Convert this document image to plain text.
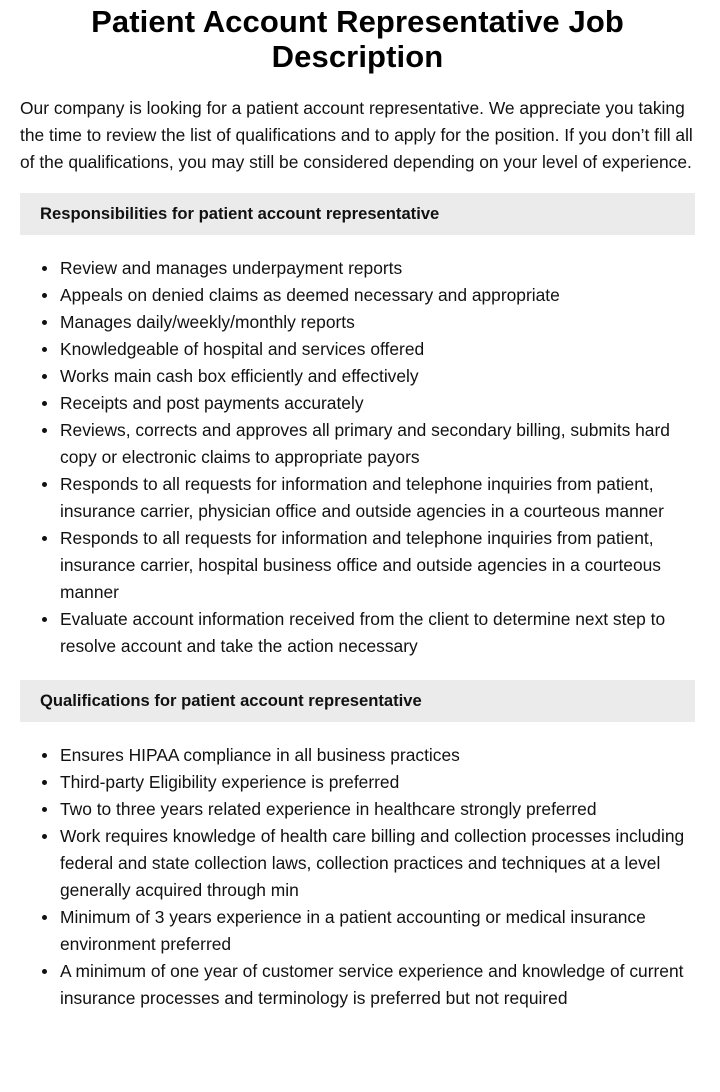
Patient Account Representative Job Description

Our company is looking for a patient account representative. We appreciate you taking the time to review the list of qualifications and to apply for the position. If you don’t fill all of the qualifications, you may still be considered depending on your level of experience.

Responsibilities for patient account representative
Review and manages underpayment reports
Appeals on denied claims as deemed necessary and appropriate
Manages daily/weekly/monthly reports
Knowledgeable of hospital and services offered
Works main cash box efficiently and effectively
Receipts and post payments accurately
Reviews, corrects and approves all primary and secondary billing, submits hard copy or electronic claims to appropriate payors
Responds to all requests for information and telephone inquiries from patient, insurance carrier, physician office and outside agencies in a courteous manner
Responds to all requests for information and telephone inquiries from patient, insurance carrier, hospital business office and outside agencies in a courteous manner
Evaluate account information received from the client to determine next step to resolve account and take the action necessary
Qualifications for patient account representative
Ensures HIPAA compliance in all business practices
Third-party Eligibility experience is preferred
Two to three years related experience in healthcare strongly preferred
Work requires knowledge of health care billing and collection processes including federal and state collection laws, collection practices and techniques at a level generally acquired through min
Minimum of 3 years experience in a patient accounting or medical insurance environment preferred
A minimum of one year of customer service experience and knowledge of current insurance processes and terminology is preferred but not required
